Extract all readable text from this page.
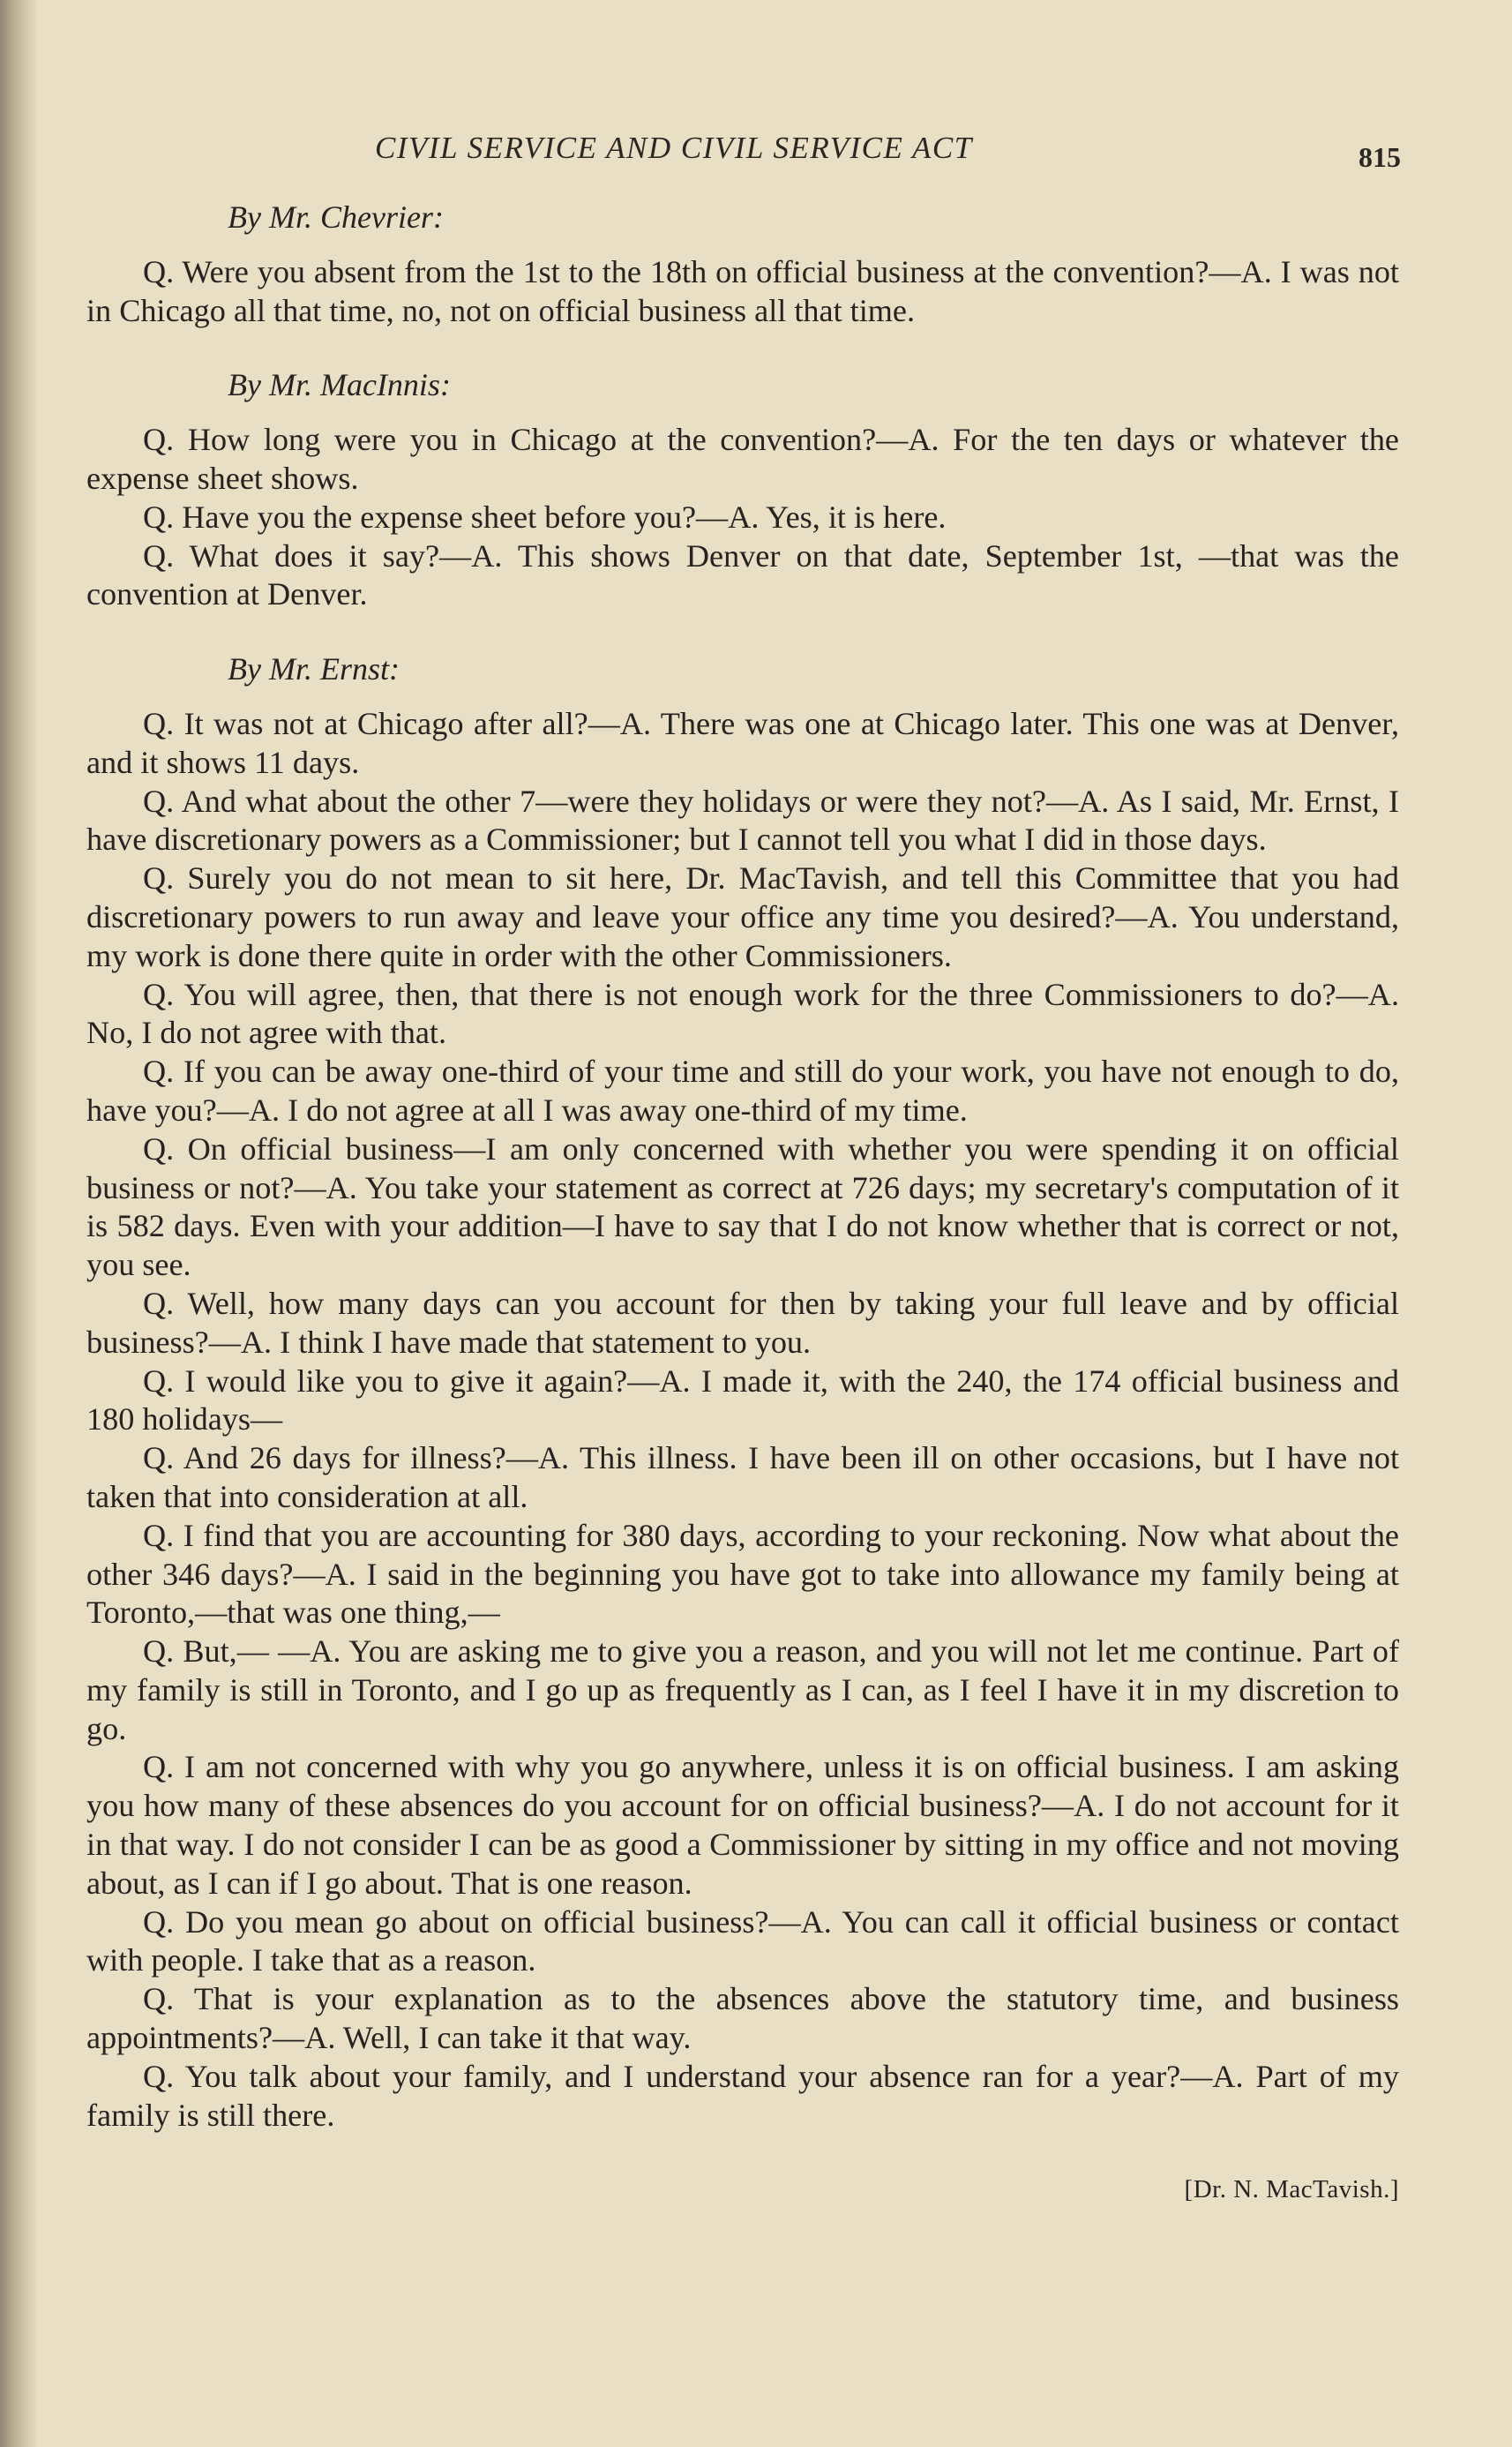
CIVIL SERVICE AND CIVIL SERVICE ACT	815
By Mr. Chevrier:

Q. Were you absent from the 1st to the 18th on official business at the convention?—A. I was not in Chicago all that time, no, not on official business all that time.

By Mr. MacInnis:

Q. How long were you in Chicago at the convention?—A. For the ten days or whatever the expense sheet shows.

Q. Have you the expense sheet before you?—A. Yes, it is here.

Q. What does it say?—A. This shows Denver on that date, September 1st, —that was the convention at Denver.

By Mr. Ernst:

Q. It was not at Chicago after all?—A. There was one at Chicago later. This one was at Denver, and it shows 11 days.

Q. And what about the other 7—were they holidays or were they not?—A. As I said, Mr. Ernst, I have discretionary powers as a Commissioner; but I cannot tell you what I did in those days.

Q. Surely you do not mean to sit here, Dr. MacTavish, and tell this Committee that you had discretionary powers to run away and leave your office any time you desired?—A. You understand, my work is done there quite in order with the other Commissioners.

Q. You will agree, then, that there is not enough work for the three Commissioners to do?—A. No, I do not agree with that.

Q. If you can be away one-third of your time and still do your work, you have not enough to do, have you?—A. I do not agree at all I was away one-third of my time.

Q. On official business—I am only concerned with whether you were spending it on official business or not?—A. You take your statement as correct at 726 days; my secretary's computation of it is 582 days. Even with your addition—I have to say that I do not know whether that is correct or not, you see.

Q. Well, how many days can you account for then by taking your full leave and by official business?—A. I think I have made that statement to you.

Q. I would like you to give it again?—A. I made it, with the 240, the 174 official business and 180 holidays—

Q. And 26 days for illness?—A. This illness. I have been ill on other occasions, but I have not taken that into consideration at all.

Q. I find that you are accounting for 380 days, according to your reckoning. Now what about the other 346 days?—A. I said in the beginning you have got to take into allowance my family being at Toronto,—that was one thing,—

Q. But,— —A. You are asking me to give you a reason, and you will not let me continue. Part of my family is still in Toronto, and I go up as frequently as I can, as I feel I have it in my discretion to go.

Q. I am not concerned with why you go anywhere, unless it is on official business. I am asking you how many of these absences do you account for on official business?—A. I do not account for it in that way. I do not consider I can be as good a Commissioner by sitting in my office and not moving about, as I can if I go about. That is one reason.

Q. Do you mean go about on official business?—A. You can call it official business or contact with people. I take that as a reason.

Q. That is your explanation as to the absences above the statutory time, and business appointments?—A. Well, I can take it that way.

Q. You talk about your family, and I understand your absence ran for a year?—A. Part of my family is still there.

[Dr. N. MacTavish.]
